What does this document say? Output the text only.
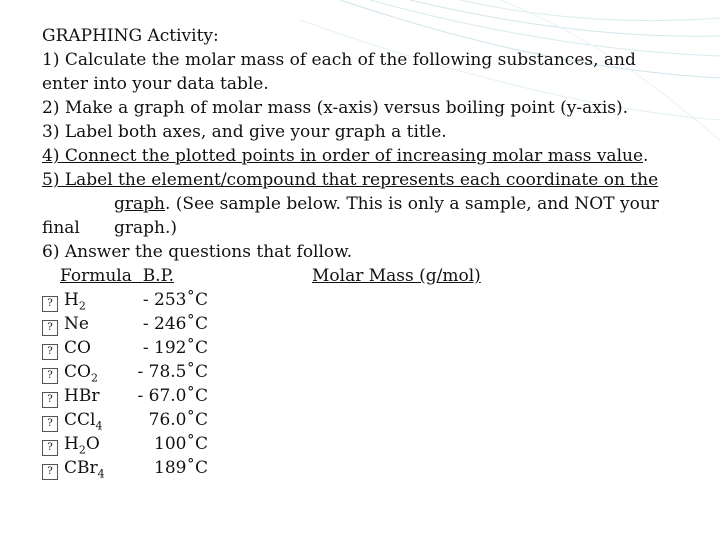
GRAPHING Activity:
1) Calculate the molar mass of each of the following substances, and
enter into your data table.
2) Make a graph of molar mass (x-axis) versus boiling point (y-axis).
3) Label both axes, and give your graph a title.
4) Connect the plotted points in order of increasing molar mass value.
5) Label the element/compound that represents each coordinate on the
graph. (See sample below. This is only a sample, and NOT your
final graph.)
6) Answer the questions that follow.
Formula B.P.	Molar Mass (g/mol)
? $H_2$	- 253˚C
? Ne	- 246˚C
? CO	- 192˚C
? $CO_2$ - 78.5˚C
? HBr - 67.0˚C
? CCl$_4$	76.0˚C
? $H_2O$	100˚C
? CBr$_4$	189˚C
